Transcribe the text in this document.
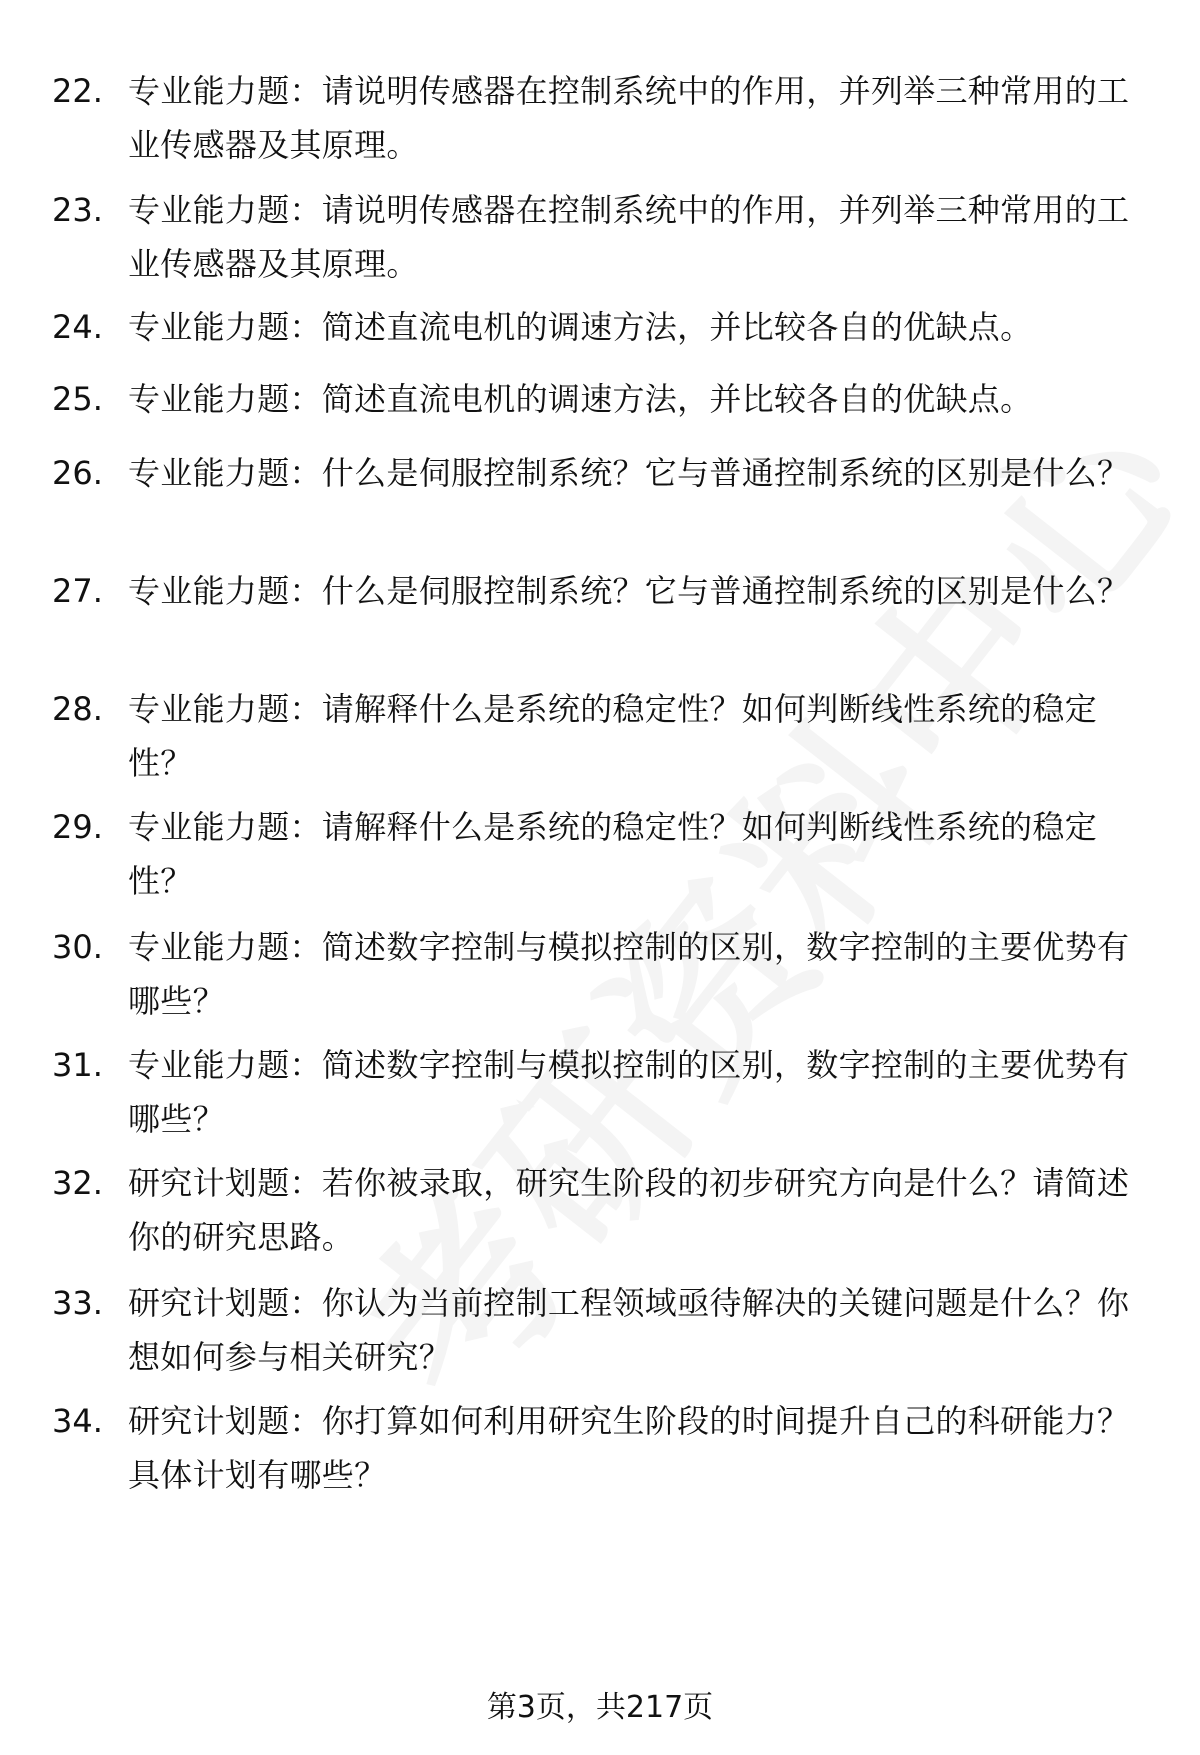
22. 专业能力题：请说明传感器在控制系统中的作用，并列举三种常用的工业传感器及其原理。
23. 专业能力题：请说明传感器在控制系统中的作用，并列举三种常用的工业传感器及其原理。
24. 专业能力题：简述直流电机的调速方法，并比较各自的优缺点。
25. 专业能力题：简述直流电机的调速方法，并比较各自的优缺点。
26. 专业能力题：什么是伺服控制系统？它与普通控制系统的区别是什么？
27. 专业能力题：什么是伺服控制系统？它与普通控制系统的区别是什么？
28. 专业能力题：请解释什么是系统的稳定性？如何判断线性系统的稳定性？
29. 专业能力题：请解释什么是系统的稳定性？如何判断线性系统的稳定性？
30. 专业能力题：简述数字控制与模拟控制的区别，数字控制的主要优势有哪些？
31. 专业能力题：简述数字控制与模拟控制的区别，数字控制的主要优势有哪些？
32. 研究计划题：若你被录取，研究生阶段的初步研究方向是什么？请简述你的研究思路。
33. 研究计划题：你认为当前控制工程领域亟待解决的关键问题是什么？你想如何参与相关研究？
34. 研究计划题：你打算如何利用研究生阶段的时间提升自己的科研能力？具体计划有哪些？
第3页，共217页
